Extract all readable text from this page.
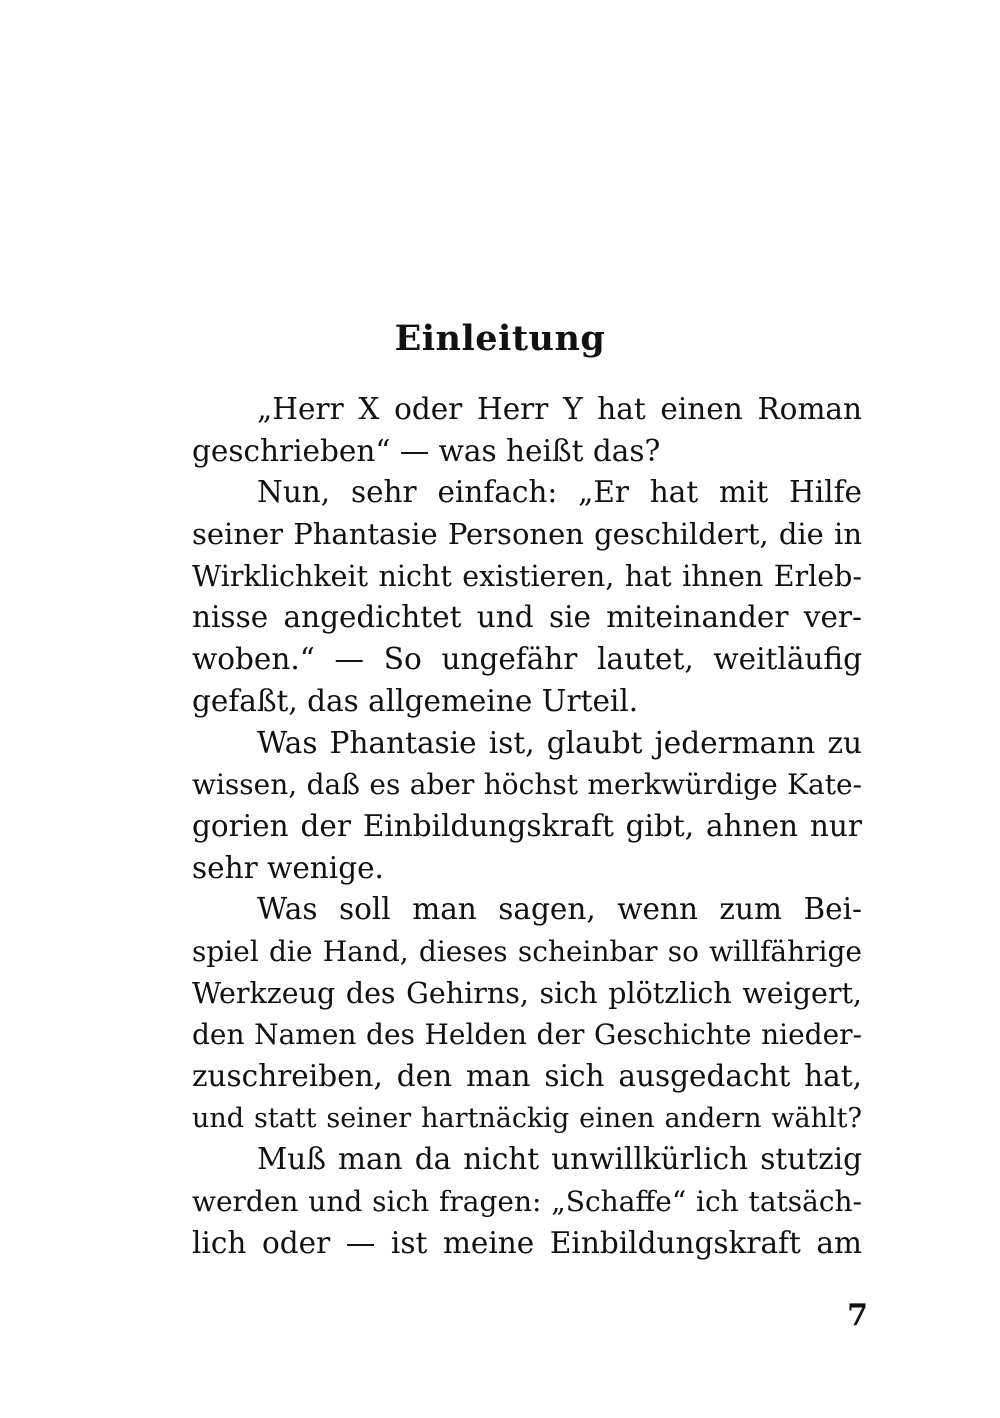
Einleitung
„Herr X oder Herr Y hat einen Roman
geschrieben“ — was heißt das?
Nun, sehr einfach: „Er hat mit Hilfe
seiner Phantasie Personen geschildert, die in
Wirklichkeit nicht existieren, hat ihnen Erleb-
nisse angedichtet und sie miteinander ver-
woben.“ — So ungefähr lautet, weitläufig
gefaßt, das allgemeine Urteil.
Was Phantasie ist, glaubt jedermann zu
wissen, daß es aber höchst merkwürdige Kate-
gorien der Einbildungskraft gibt, ahnen nur
sehr wenige.
Was soll man sagen, wenn zum Bei-
spiel die Hand, dieses scheinbar so willfährige
Werkzeug des Gehirns, sich plötzlich weigert,
den Namen des Helden der Geschichte nieder-
zuschreiben, den man sich ausgedacht hat,
und statt seiner hartnäckig einen andern wählt?
Muß man da nicht unwillkürlich stutzig
werden und sich fragen: „Schaffe“ ich tatsäch-
lich oder — ist meine Einbildungskraft am
7
